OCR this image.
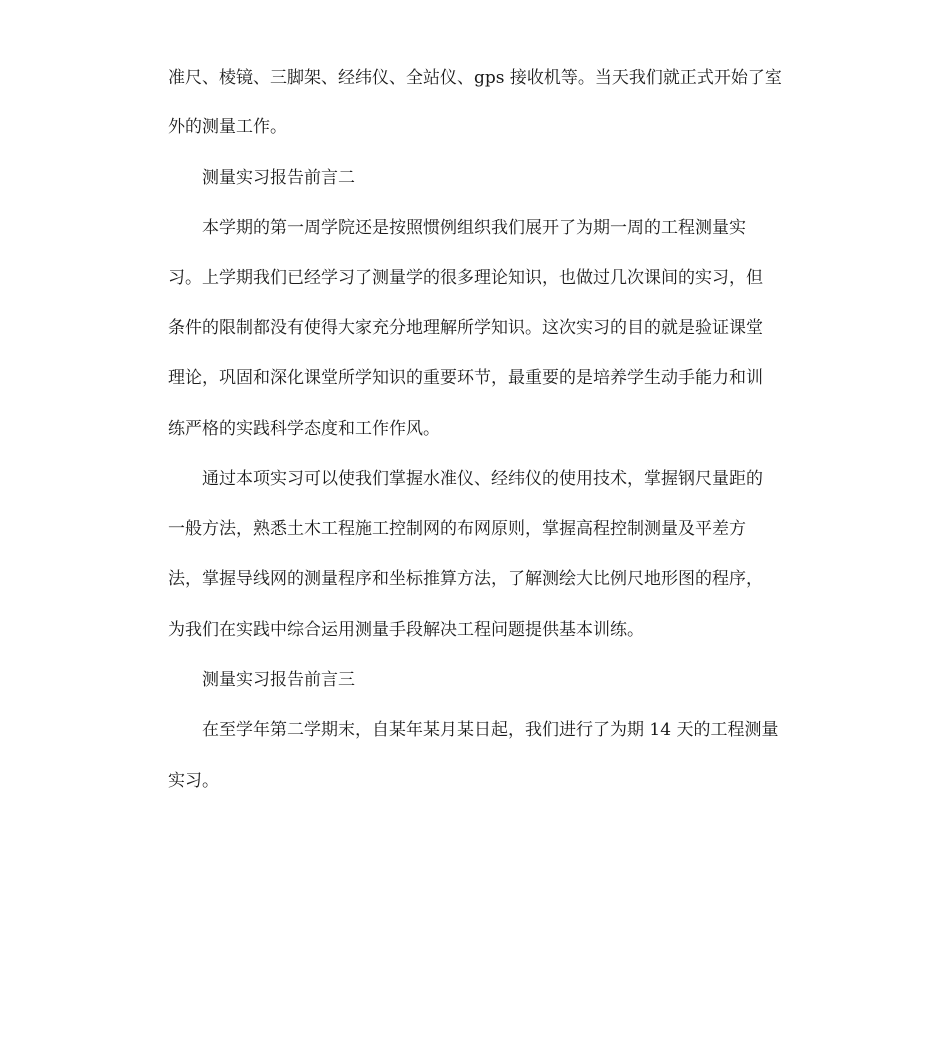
准尺、棱镜、三脚架、经纬仪、全站仪、gps 接收机等。当天我们就正式开始了室
外的测量工作。
测量实习报告前言二
本学期的第一周学院还是按照惯例组织我们展开了为期一周的工程测量实
习。上学期我们已经学习了测量学的很多理论知识，也做过几次课间的实习，但
条件的限制都没有使得大家充分地理解所学知识。这次实习的目的就是验证课堂
理论，巩固和深化课堂所学知识的重要环节，最重要的是培养学生动手能力和训
练严格的实践科学态度和工作作风。
通过本项实习可以使我们掌握水准仪、经纬仪的使用技术，掌握钢尺量距的
一般方法，熟悉土木工程施工控制网的布网原则，掌握高程控制测量及平差方
法，掌握导线网的测量程序和坐标推算方法，了解测绘大比例尺地形图的程序，
为我们在实践中综合运用测量手段解决工程问题提供基本训练。
测量实习报告前言三
在至学年第二学期末，自某年某月某日起，我们进行了为期 14 天的工程测量
实习。
